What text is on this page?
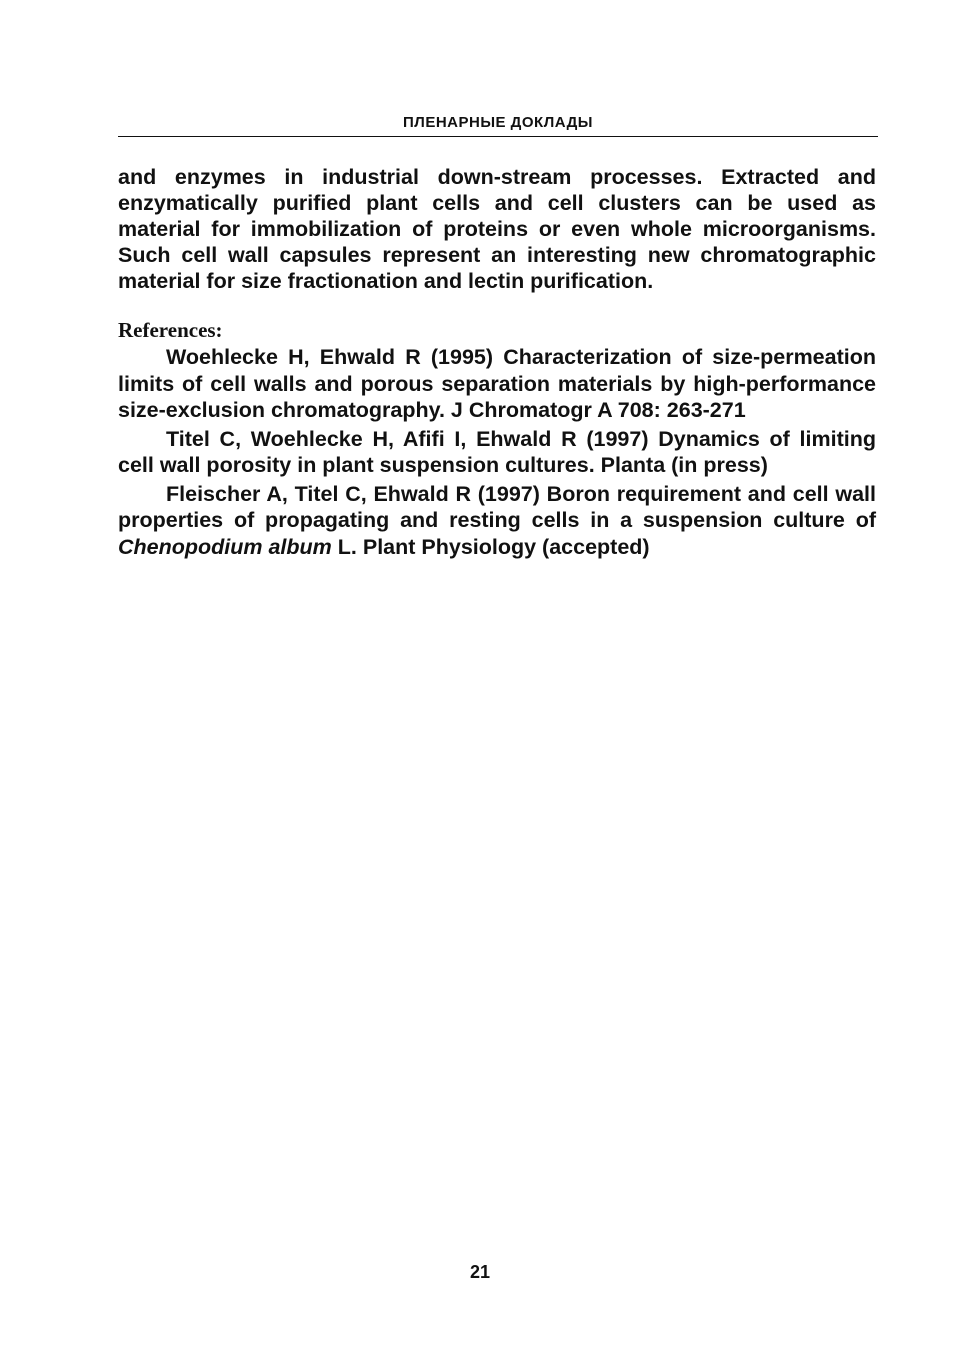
ПЛЕНАРНЫЕ ДОКЛАДЫ

and enzymes in industrial down-stream processes. Extracted and enzymatically purified plant cells and cell clusters can be used as material for immobilization of proteins or even whole microorganisms. Such cell wall capsules represent an interesting new chromatographic material for size fractionation and lectin purification.

References:

Woehlecke H, Ehwald R (1995) Characterization of size-permeation limits of cell walls and porous separation materials by high-performance size-exclusion chromatography. J Chromatogr A 708: 263-271

Titel C, Woehlecke H, Afifi I, Ehwald R (1997) Dynamics of limiting cell wall porosity in plant suspension cultures. Planta (in press)

Fleischer A, Titel C, Ehwald R (1997) Boron requirement and cell wall properties of propagating and resting cells in a suspension culture of Chenopodium album L. Plant Physiology (accepted)

21
